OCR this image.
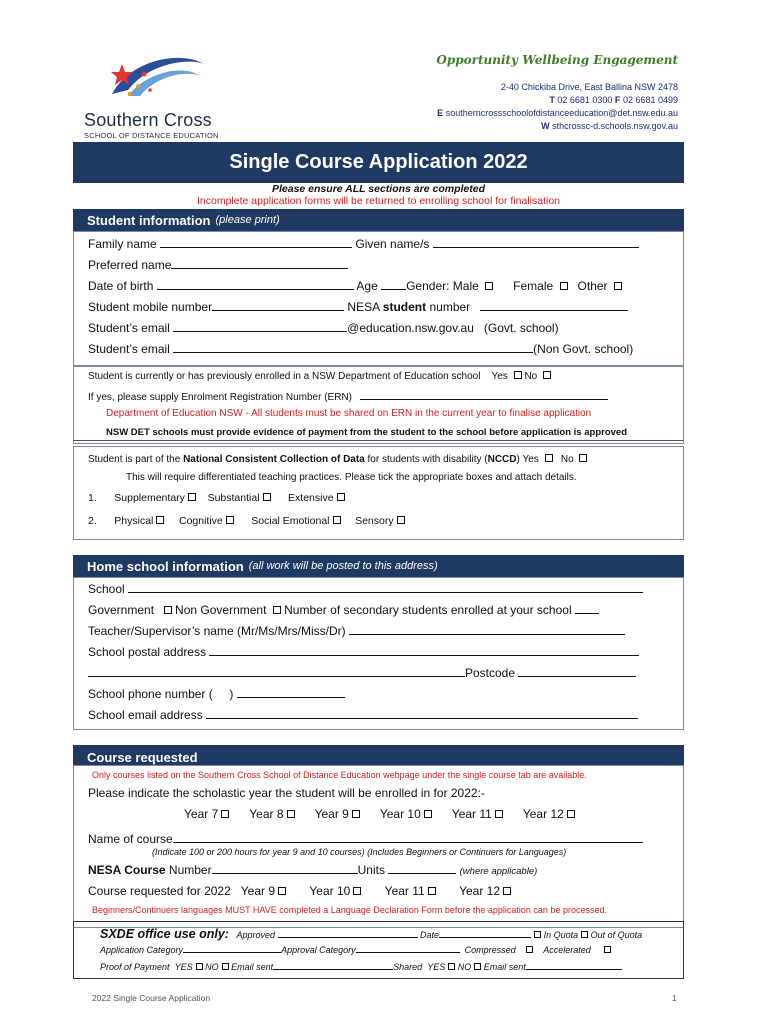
Southern Cross
SCHOOL OF DISTANCE EDUCATION
Opportunity Wellbeing Engagement
2-40 Chickiba Drive, East Ballina NSW 2478
T 02 6681 0300 F 02 6681 0499
E southerncrossschoolofdistanceeducation@det.nsw.edu.au
W sthcrossc-d.schools.nsw.gov.au
Single Course Application 2022
Please ensure ALL sections are completed
Incomplete application forms will be returned to enrolling school for finalisation
Student information (please print)
Family name	Given name/s
Preferred name
Date of birth	Age Gender: Male	Female Other
Student mobile number	NESA student number
Student’s email	@education.nsw.gov.au (Govt. school)
Student’s email	(Non Govt. school)
Student is currently or has previously enrolled in a NSW Department of Education school Yes No
If yes, please supply Enrolment Registration Number (ERN)
Department of Education NSW - All students must be shared on ERN in the current year to finalise application
NSW DET schools must provide evidence of payment from the student to the school before application is approved
Student is part of the National Consistent Collection of Data for students with disability (NCCD) Yes No
This will require differentiated teaching practices. Please tick the appropriate boxes and attach details.
1. Supplementary Substantial	Extensive
2. Physical Cognitive	Social Emotional Sensory
Home school information (all work will be posted to this address)
School
Government Non Government Number of secondary students enrolled at your school
Teacher/Supervisor’s name (Mr/Ms/Mrs/Miss/Dr)
School postal address
Postcode
School phone number ( )
School email address
Course requested
Only courses listed on the Southern Cross School of Distance Education webpage under the single course tab are available.
Please indicate the scholastic year the student will be enrolled in for 2022:-
Year 7	Year 8	Year 9	Year 10	Year 11	Year 12
Name of course
(Indicate 100 or 200 hours for year 9 and 10 courses) (Includes Beginners or Continuers for Languages)
NESA Course Number	Units	(where applicable)
Course requested for 2022 Year 9	Year 10	Year 11	Year 12
Beginners/Continuers languages MUST HAVE completed a Language Declaration Form before the application can be processed.
SXDE office use only: Approved	Date	In Quota Out of Quota
Application Category	Approval Category	Compressed	Accelerated
Proof of Payment YES NO Email sent	Shared YES NO Email sent
2022 Single Course Application	1
